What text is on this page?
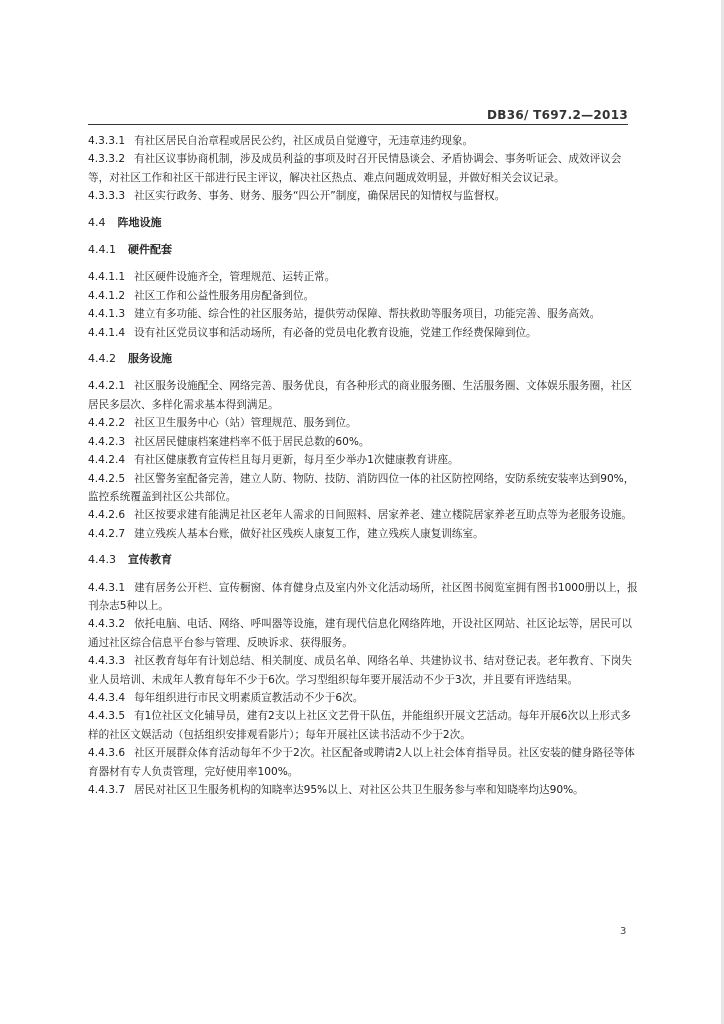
DB36/ T697.2—2013
4.3.3.1 有社区居民自治章程或居民公约，社区成员自觉遵守，无违章违约现象。
4.3.3.2 有社区议事协商机制，涉及成员利益的事项及时召开民情恳谈会、矛盾协调会、事务听证会、成效评议会等，对社区工作和社区干部进行民主评议，解决社区热点、难点问题成效明显，并做好相关会议记录。
4.3.3.3 社区实行政务、事务、财务、服务“四公开”制度，确保居民的知情权与监督权。
4.4 阵地设施
4.4.1 硬件配套
4.4.1.1 社区硬件设施齐全，管理规范、运转正常。
4.4.1.2 社区工作和公益性服务用房配备到位。
4.4.1.3 建立有多功能、综合性的社区服务站，提供劳动保障、帮扶救助等服务项目，功能完善、服务高效。
4.4.1.4 设有社区党员议事和活动场所，有必备的党员电化教育设施，党建工作经费保障到位。
4.4.2 服务设施
4.4.2.1 社区服务设施配全、网络完善、服务优良，有各种形式的商业服务圈、生活服务圈、文体娱乐服务圈，社区居民多层次、多样化需求基本得到满足。
4.4.2.2 社区卫生服务中心（站）管理规范、服务到位。
4.4.2.3 社区居民健康档案建档率不低于居民总数的60%。
4.4.2.4 有社区健康教育宣传栏且每月更新，每月至少举办1次健康教育讲座。
4.4.2.5 社区警务室配备完善，建立人防、物防、技防、消防四位一体的社区防控网络，安防系统安装率达到90%，监控系统覆盖到社区公共部位。
4.4.2.6 社区按要求建有能满足社区老年人需求的日间照料、居家养老、建立楼院居家养老互助点等为老服务设施。
4.4.2.7 建立残疾人基本台账，做好社区残疾人康复工作，建立残疾人康复训练室。
4.4.3 宣传教育
4.4.3.1 建有居务公开栏、宣传橱窗、体育健身点及室内外文化活动场所，社区图书阅览室拥有图书1000册以上，报刊杂志5种以上。
4.4.3.2 依托电脑、电话、网络、呼叫器等设施，建有现代信息化网络阵地，开设社区网站、社区论坛等，居民可以通过社区综合信息平台参与管理、反映诉求、获得服务。
4.4.3.3 社区教育每年有计划总结、相关制度、成员名单、网络名单、共建协议书、结对登记表。老年教育、下岗失业人员培训、未成年人教育每年不少于6次。学习型组织每年要开展活动不少于3次，并且要有评选结果。
4.4.3.4 每年组织进行市民文明素质宣教活动不少于6次。
4.4.3.5 有1位社区文化辅导员，建有2支以上社区文艺骨干队伍，并能组织开展文艺活动。每年开展6次以上形式多样的社区文娱活动（包括组织安排观看影片）；每年开展社区读书活动不少于2次。
4.4.3.6 社区开展群众体育活动每年不少于2次。社区配备或聘请2人以上社会体育指导员。社区安装的健身路径等体育器材有专人负责管理，完好使用率100%。
4.4.3.7 居民对社区卫生服务机构的知晓率达95%以上、对社区公共卫生服务参与率和知晓率均达90%。
3
